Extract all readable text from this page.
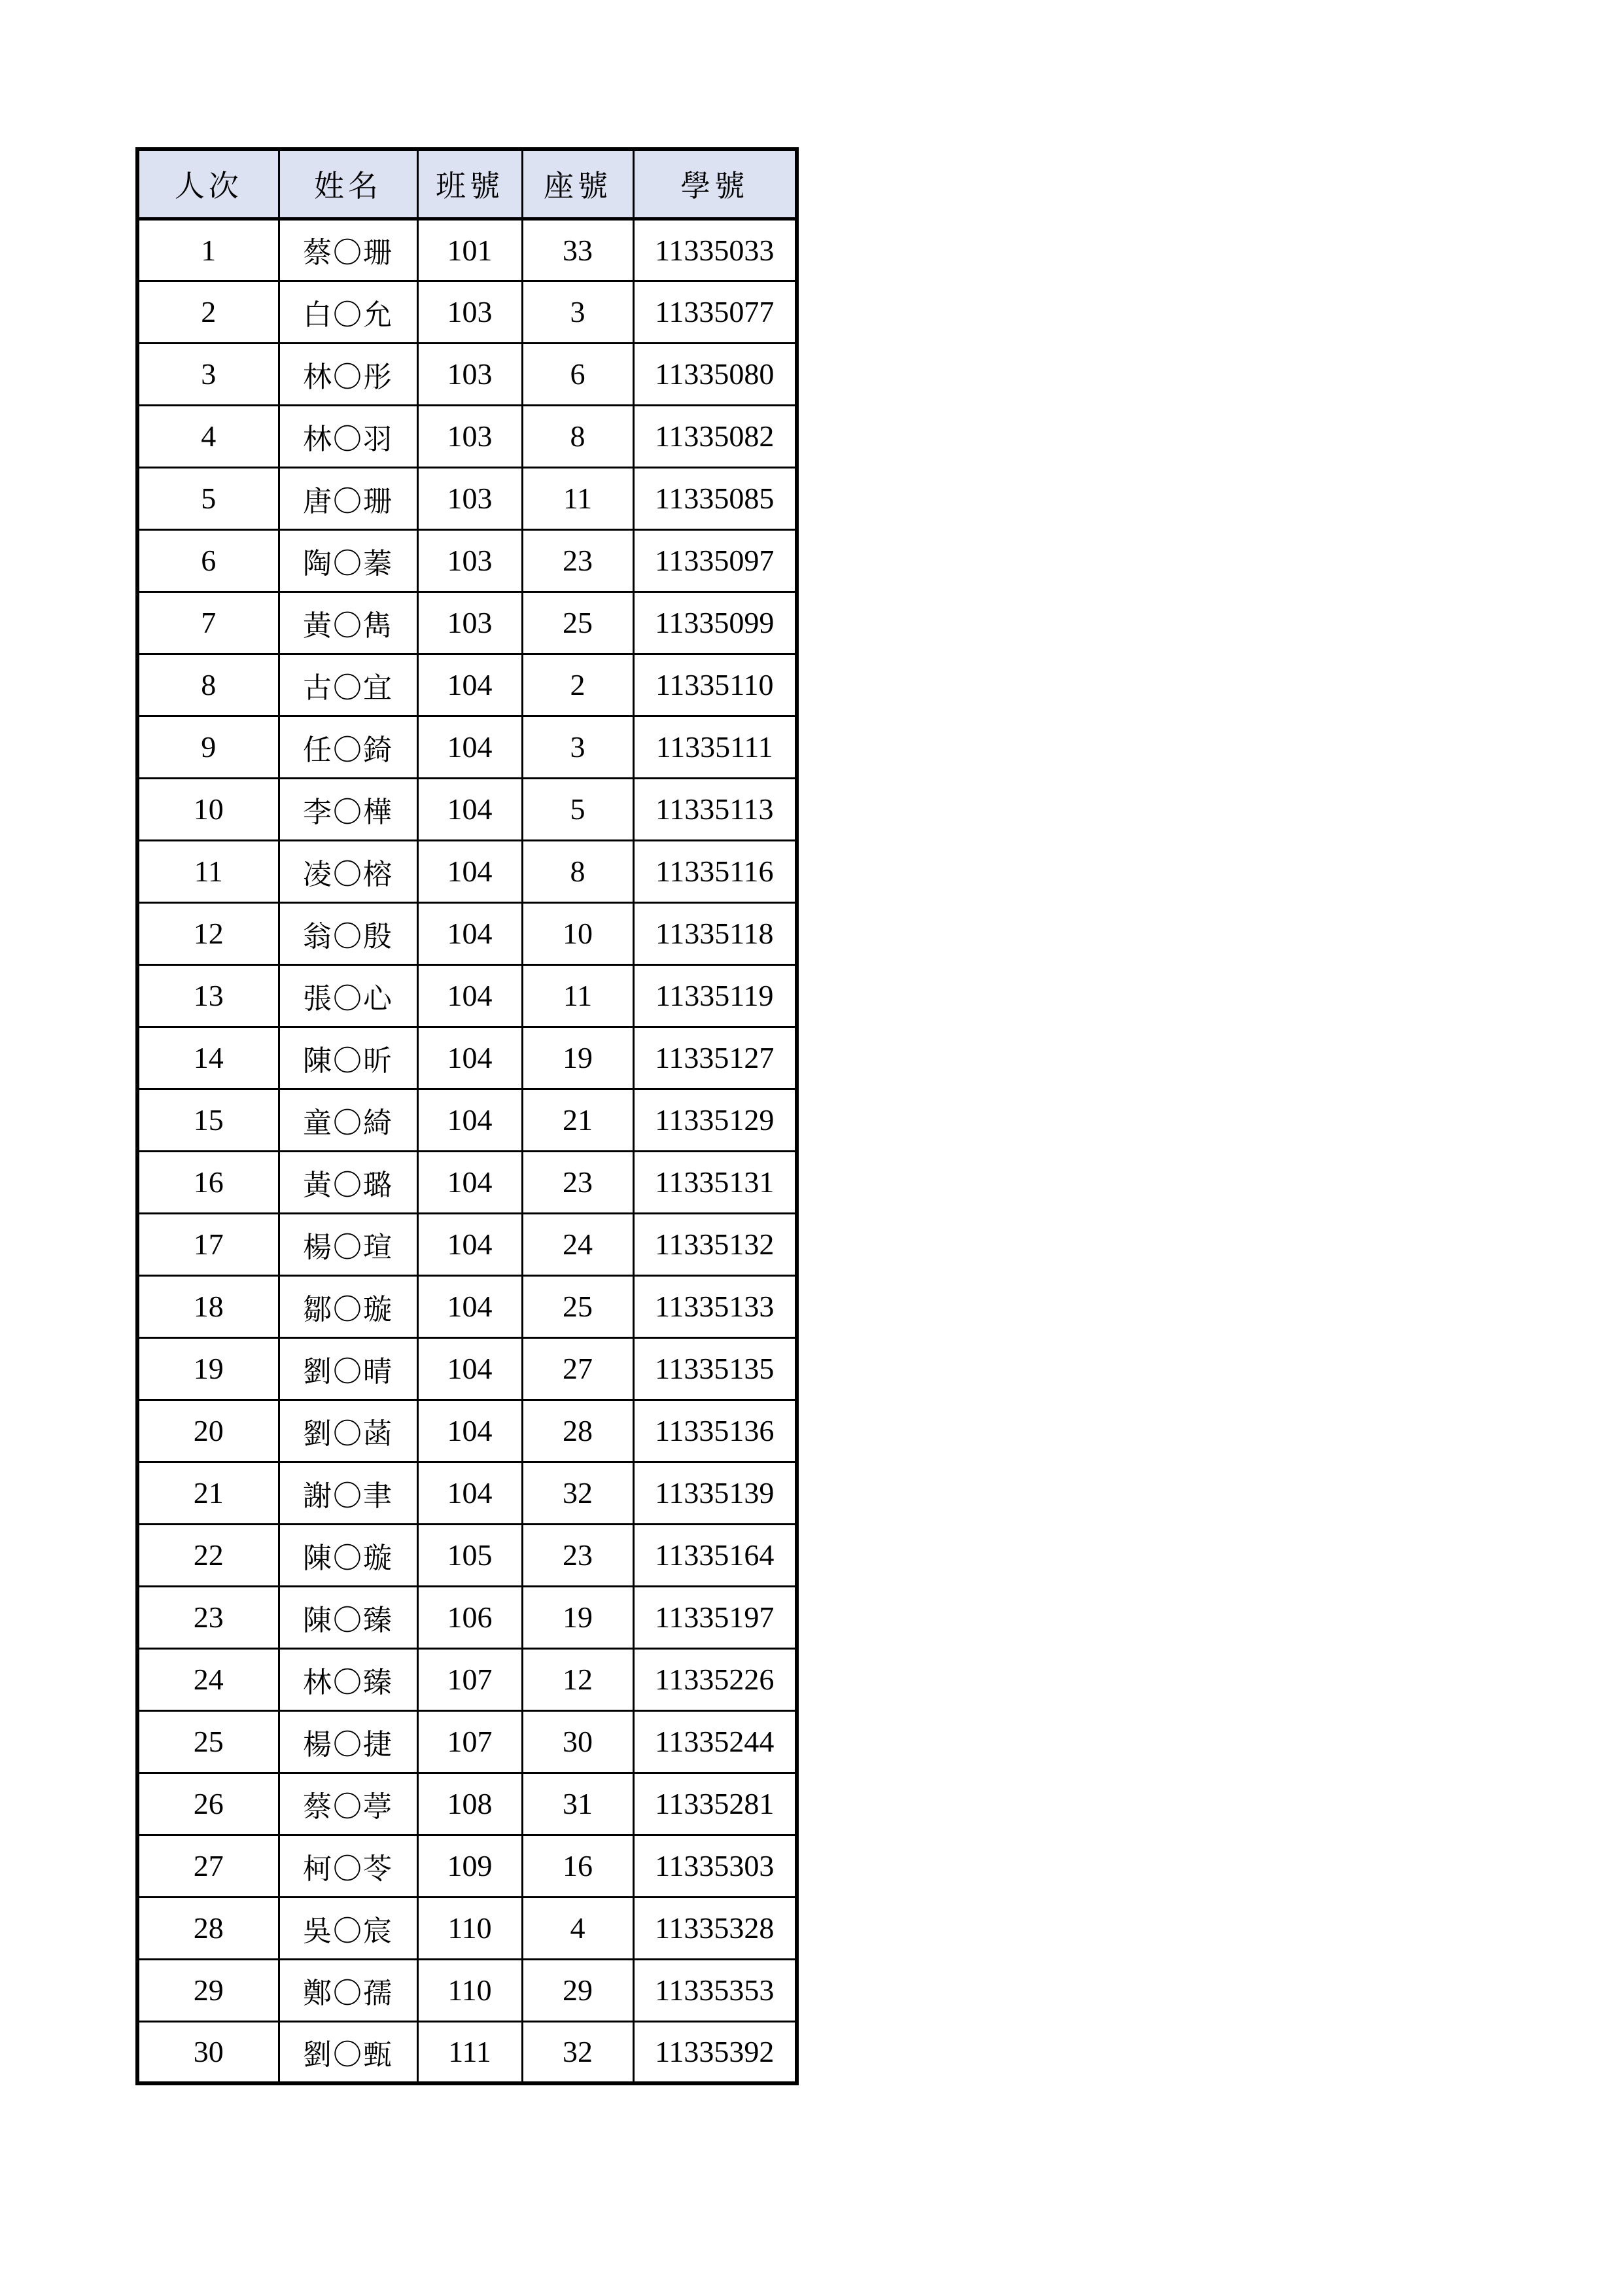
人次	姓名	班號	座號	學號
1	蔡〇珊	101	33	11335033
2	白〇允	103	3	11335077
3	林〇彤	103	6	11335080
4	林〇羽	103	8	11335082
5	唐〇珊	103	11	11335085
6	陶〇蓁	103	23	11335097
7	黃〇雋	103	25	11335099
8	古〇宜	104	2	11335110
9	任〇錡	104	3	11335111
10	李〇樺	104	5	11335113
11	凌〇榕	104	8	11335116
12	翁〇殷	104	10	11335118
13	張〇心	104	11	11335119
14	陳〇昕	104	19	11335127
15	童〇綺	104	21	11335129
16	黃〇璐	104	23	11335131
17	楊〇瑄	104	24	11335132
18	鄒〇璇	104	25	11335133
19	劉〇晴	104	27	11335135
20	劉〇菡	104	28	11335136
21	謝〇聿	104	32	11335139
22	陳〇璇	105	23	11335164
23	陳〇臻	106	19	11335197
24	林〇臻	107	12	11335226
25	楊〇捷	107	30	11335244
26	蔡〇葶	108	31	11335281
27	柯〇苓	109	16	11335303
28	吳〇宸	110	4	11335328
29	鄭〇孺	110	29	11335353
30	劉〇甄	111	32	11335392
